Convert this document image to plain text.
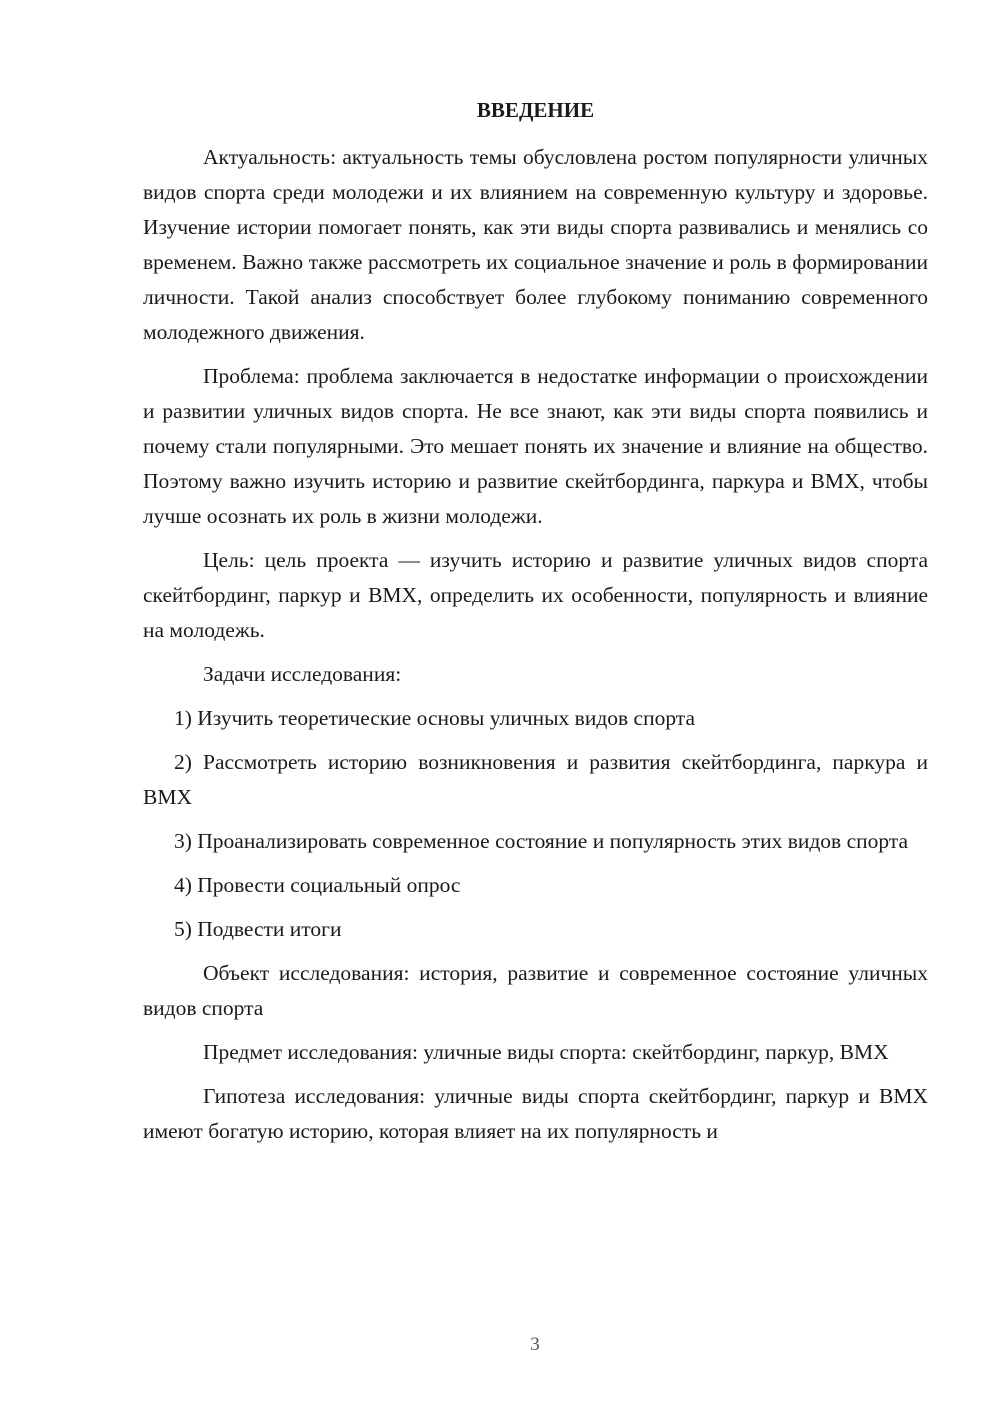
ВВЕДЕНИЕ

Актуальность: актуальность темы обусловлена ростом популярности уличных видов спорта среди молодежи и их влиянием на современную культуру и здоровье. Изучение истории помогает понять, как эти виды спорта развивались и менялись со временем. Важно также рассмотреть их социальное значение и роль в формировании личности. Такой анализ способствует более глубокому пониманию современного молодежного движения.

Проблема: проблема заключается в недостатке информации о происхождении и развитии уличных видов спорта. Не все знают, как эти виды спорта появились и почему стали популярными. Это мешает понять их значение и влияние на общество. Поэтому важно изучить историю и развитие скейтбординга, паркура и BMX, чтобы лучше осознать их роль в жизни молодежи.

Цель: цель проекта — изучить историю и развитие уличных видов спорта скейтбординг, паркур и BMX, определить их особенности, популярность и влияние на молодежь.

Задачи исследования:

1) Изучить теоретические основы уличных видов спорта

2) Рассмотреть историю возникновения и развития скейтбординга, паркура и BMX

3) Проанализировать современное состояние и популярность этих видов спорта

4) Провести социальный опрос

5) Подвести итоги

Объект исследования: история, развитие и современное состояние уличных видов спорта

Предмет исследования: уличные виды спорта: скейтбординг, паркур, BMX

Гипотеза исследования: уличные виды спорта скейтбординг, паркур и BMX имеют богатую историю, которая влияет на их популярность и

3
